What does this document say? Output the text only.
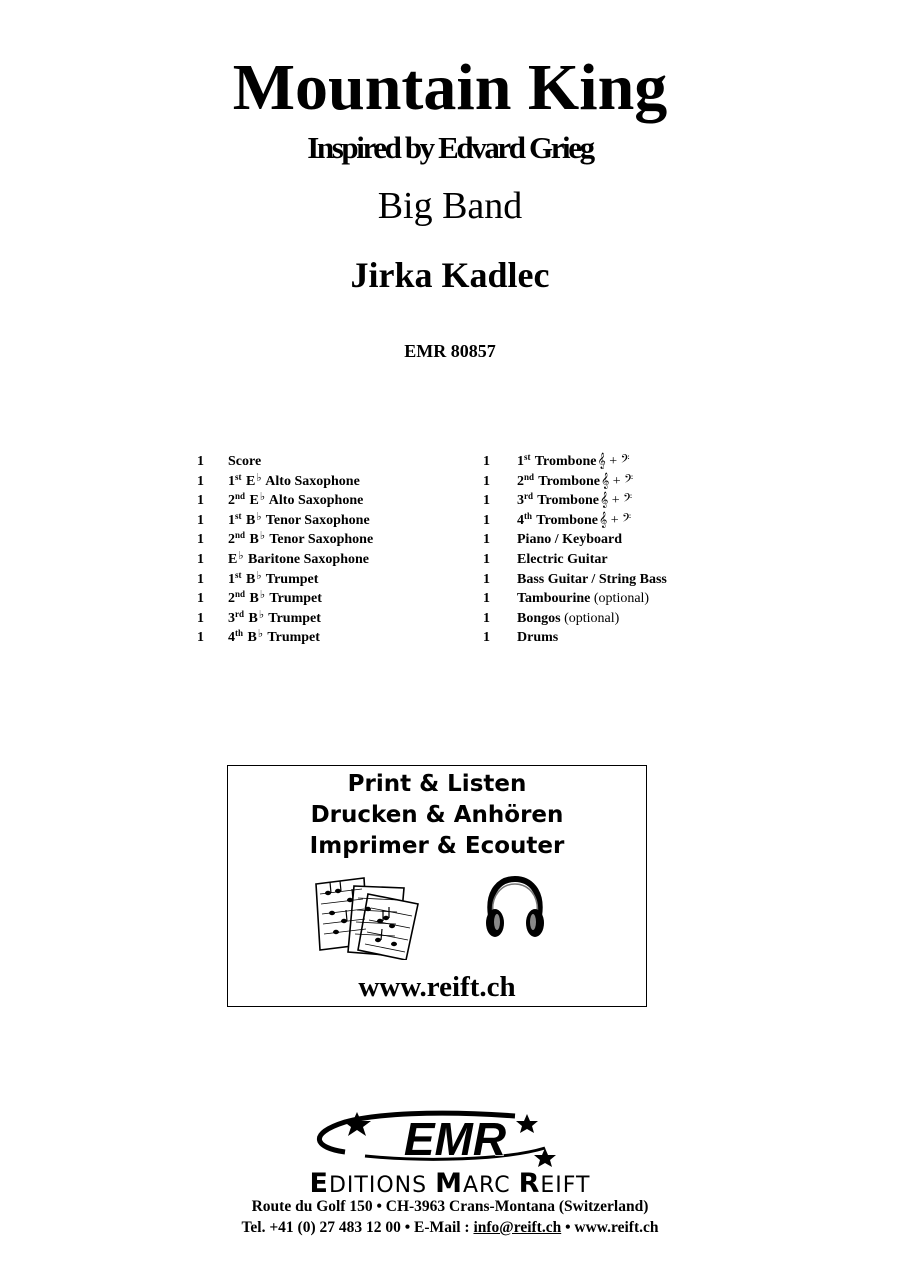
Mountain King
Inspired by Edvard Grieg
Big Band
Jirka Kadlec
EMR 80857
1 Score
1 1st E♭ Alto Saxophone
1 2nd E♭ Alto Saxophone
1 1st B♭ Tenor Saxophone
1 2nd B♭ Tenor Saxophone
1 E♭ Baritone Saxophone
1 1st B♭ Trumpet
1 2nd B♭ Trumpet
1 3rd B♭ Trumpet
1 4th B♭ Trumpet
1 1st Trombone𝄞 + 𝄢
1 2nd Trombone𝄞 + 𝄢
1 3rd Trombone𝄞 + 𝄢
1 4th Trombone𝄞 + 𝄢
1 Piano / Keyboard
1 Electric Guitar
1 Bass Guitar / String Bass
1 Tambourine (optional)
1 Bongos (optional)
1 Drums
Print & Listen
Drucken & Anhören
Imprimer & Ecouter
www.reift.ch
EMR
EDITIONS MARC REIFT
Route du Golf 150 • CH-3963 Crans-Montana (Switzerland)
Tel. +41 (0) 27 483 12 00 • E-Mail : info@reift.ch • www.reift.ch
